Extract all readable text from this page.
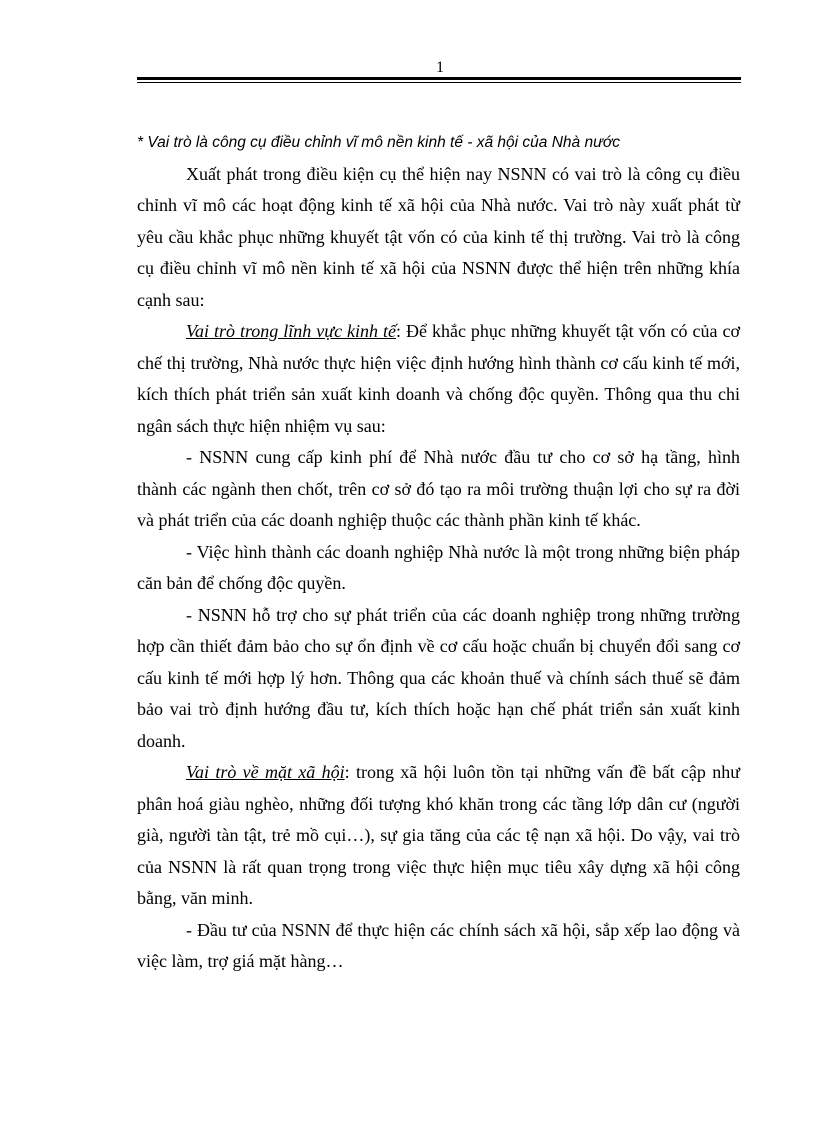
1

* Vai trò là công cụ điều chỉnh vĩ mô nền kinh tế - xã hội của Nhà nước

Xuất phát trong điều kiện cụ thể hiện nay NSNN có vai trò là công cụ điều chỉnh vĩ mô các hoạt động kinh tế xã hội của Nhà nước. Vai trò này xuất phát từ yêu cầu khắc phục những khuyết tật vốn có của kinh tế thị trường. Vai trò là công cụ điều chỉnh vĩ mô nền kinh tế xã hội của NSNN được thể hiện trên những khía cạnh sau:

Vai trò trong lĩnh vực kinh tế: Để khắc phục những khuyết tật vốn có của cơ chế thị trường, Nhà nước thực hiện việc định hướng hình thành cơ cấu kinh tế mới, kích thích phát triển sản xuất kinh doanh và chống độc quyền. Thông qua thu chi ngân sách thực hiện nhiệm vụ sau:

- NSNN cung cấp kinh phí để Nhà nước đầu tư cho cơ sở hạ tầng, hình thành các ngành then chốt, trên cơ sở đó tạo ra môi trường thuận lợi cho sự ra đời và phát triển của các doanh nghiệp thuộc các thành phần kinh tế khác.

- Việc hình thành các doanh nghiệp Nhà nước là một trong những biện pháp căn bản để chống độc quyền.

- NSNN hỗ trợ cho sự phát triển của các doanh nghiệp trong những trường hợp cần thiết đảm bảo cho sự ổn định về cơ cấu hoặc chuẩn bị chuyển đổi sang cơ cấu kinh tế mới hợp lý hơn. Thông qua các khoản thuế và chính sách thuế sẽ đảm bảo vai trò định hướng đầu tư, kích thích hoặc hạn chế phát triển sản xuất kinh doanh.

Vai trò về mặt xã hội: trong xã hội luôn tồn tại những vấn đề bất cập như phân hoá giàu nghèo, những đối tượng khó khăn trong các tầng lớp dân cư (người già, người tàn tật, trẻ mồ cụi…), sự gia tăng của các tệ nạn xã hội. Do vậy, vai trò của NSNN là rất quan trọng trong việc thực hiện mục tiêu xây dựng xã hội công bằng, văn minh.

- Đầu tư của NSNN để thực hiện các chính sách xã hội, sắp xếp lao động và việc làm, trợ giá mặt hàng…
